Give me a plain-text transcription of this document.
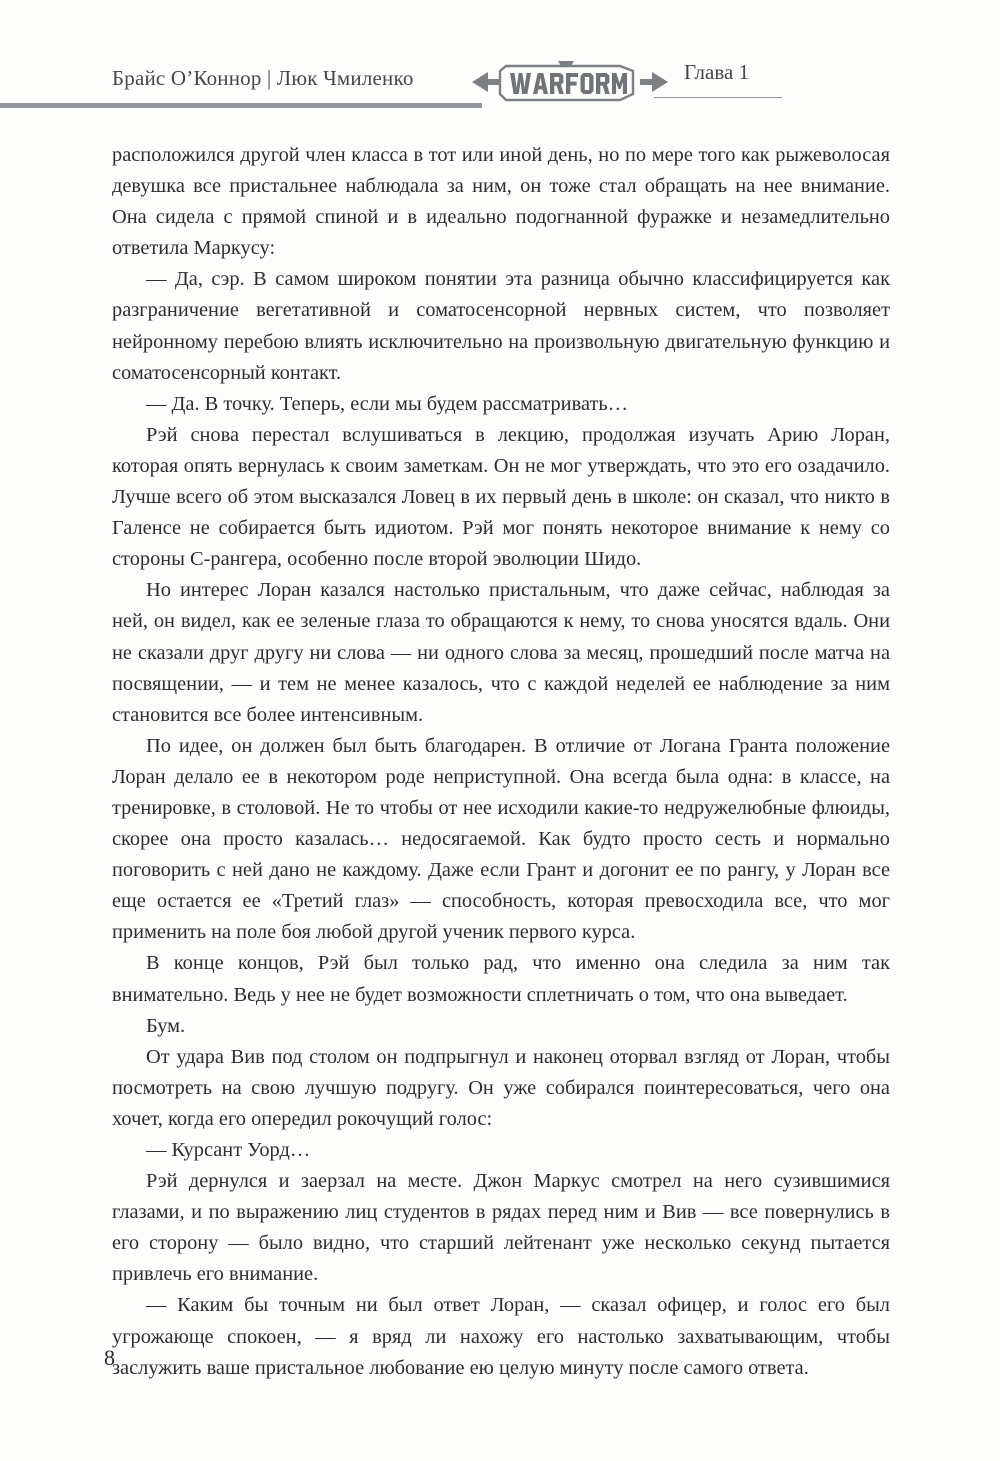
Брайс О’Коннор | Люк Чмиленко	Глава 1

расположился другой член класса в тот или иной день, но по мере того как рыжеволосая девушка все пристальнее наблюдала за ним, он тоже стал обращать на нее внимание. Она сидела с прямой спиной и в идеально подогнанной фуражке и незамедлительно ответила Маркусу:

— Да, сэр. В самом широком понятии эта разница обычно классифицируется как разграничение вегетативной и соматосенсорной нервных систем, что позволяет нейронному перебою влиять исключительно на произвольную двигательную функцию и соматосенсорный контакт.

— Да. В точку. Теперь, если мы будем рассматривать…

Рэй снова перестал вслушиваться в лекцию, продолжая изучать Арию Лоран, которая опять вернулась к своим заметкам. Он не мог утверждать, что это его озадачило. Лучше всего об этом высказался Ловец в их первый день в школе: он сказал, что никто в Галенсе не собирается быть идиотом. Рэй мог понять некоторое внимание к нему со стороны С-рангера, особенно после второй эволюции Шидо.

Но интерес Лоран казался настолько пристальным, что даже сейчас, наблюдая за ней, он видел, как ее зеленые глаза то обращаются к нему, то снова уносятся вдаль. Они не сказали друг другу ни слова — ни одного слова за месяц, прошедший после матча на посвящении, — и тем не менее казалось, что с каждой неделей ее наблюдение за ним становится все более интенсивным.

По идее, он должен был быть благодарен. В отличие от Логана Гранта положение Лоран делало ее в некотором роде неприступной. Она всегда была одна: в классе, на тренировке, в столовой. Не то чтобы от нее исходили какие-то недружелюбные флюиды, скорее она просто казалась… недосягаемой. Как будто просто сесть и нормально поговорить с ней дано не каждому. Даже если Грант и догонит ее по рангу, у Лоран все еще остается ее «Третий глаз» — способность, которая превосходила все, что мог применить на поле боя любой другой ученик первого курса.

В конце концов, Рэй был только рад, что именно она следила за ним так внимательно. Ведь у нее не будет возможности сплетничать о том, что она выведает.

Бум.

От удара Вив под столом он подпрыгнул и наконец оторвал взгляд от Лоран, чтобы посмотреть на свою лучшую подругу. Он уже собирался поинтересоваться, чего она хочет, когда его опередил рокочущий голос:

— Курсант Уорд…

Рэй дернулся и заерзал на месте. Джон Маркус смотрел на него сузившимися глазами, и по выражению лиц студентов в рядах перед ним и Вив — все повернулись в его сторону — было видно, что старший лейтенант уже несколько секунд пытается привлечь его внимание.

— Каким бы точным ни был ответ Лоран, — сказал офицер, и голос его был угрожающе спокоен, — я вряд ли нахожу его настолько захватывающим, чтобы заслужить ваше пристальное любование ею целую минуту после самого ответа.

8
